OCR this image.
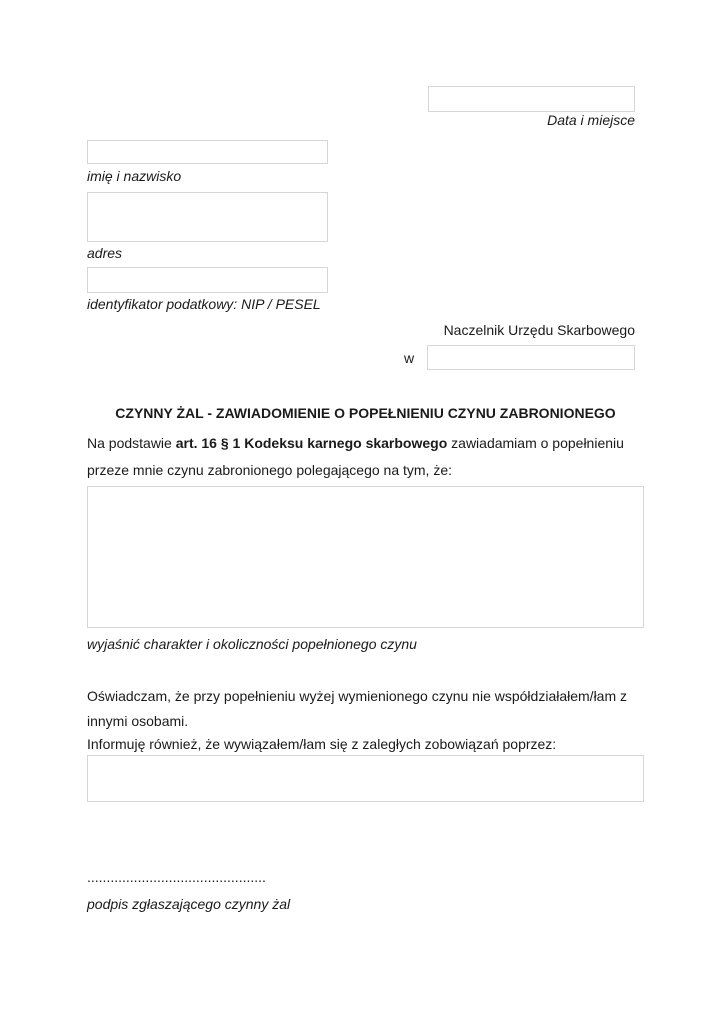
Data i miejsce
imię i nazwisko
adres
identyfikator podatkowy: NIP / PESEL
Naczelnik Urzędu Skarbowego
w
CZYNNY ŻAL - ZAWIADOMIENIE O POPEŁNIENIU CZYNU ZABRONIONEGO
Na podstawie art. 16 § 1 Kodeksu karnego skarbowego zawiadamiam o popełnieniu przeze mnie czynu zabronionego polegającego na tym, że:
wyjaśnić charakter i okoliczności popełnionego czynu
Oświadczam, że przy popełnieniu wyżej wymienionego czynu nie współdziałałem/łam z innymi osobami.
Informuję również, że wywiązałem/łam się z zaległych zobowiązań poprzez:
..............................................
podpis zgłaszającego czynny żal
